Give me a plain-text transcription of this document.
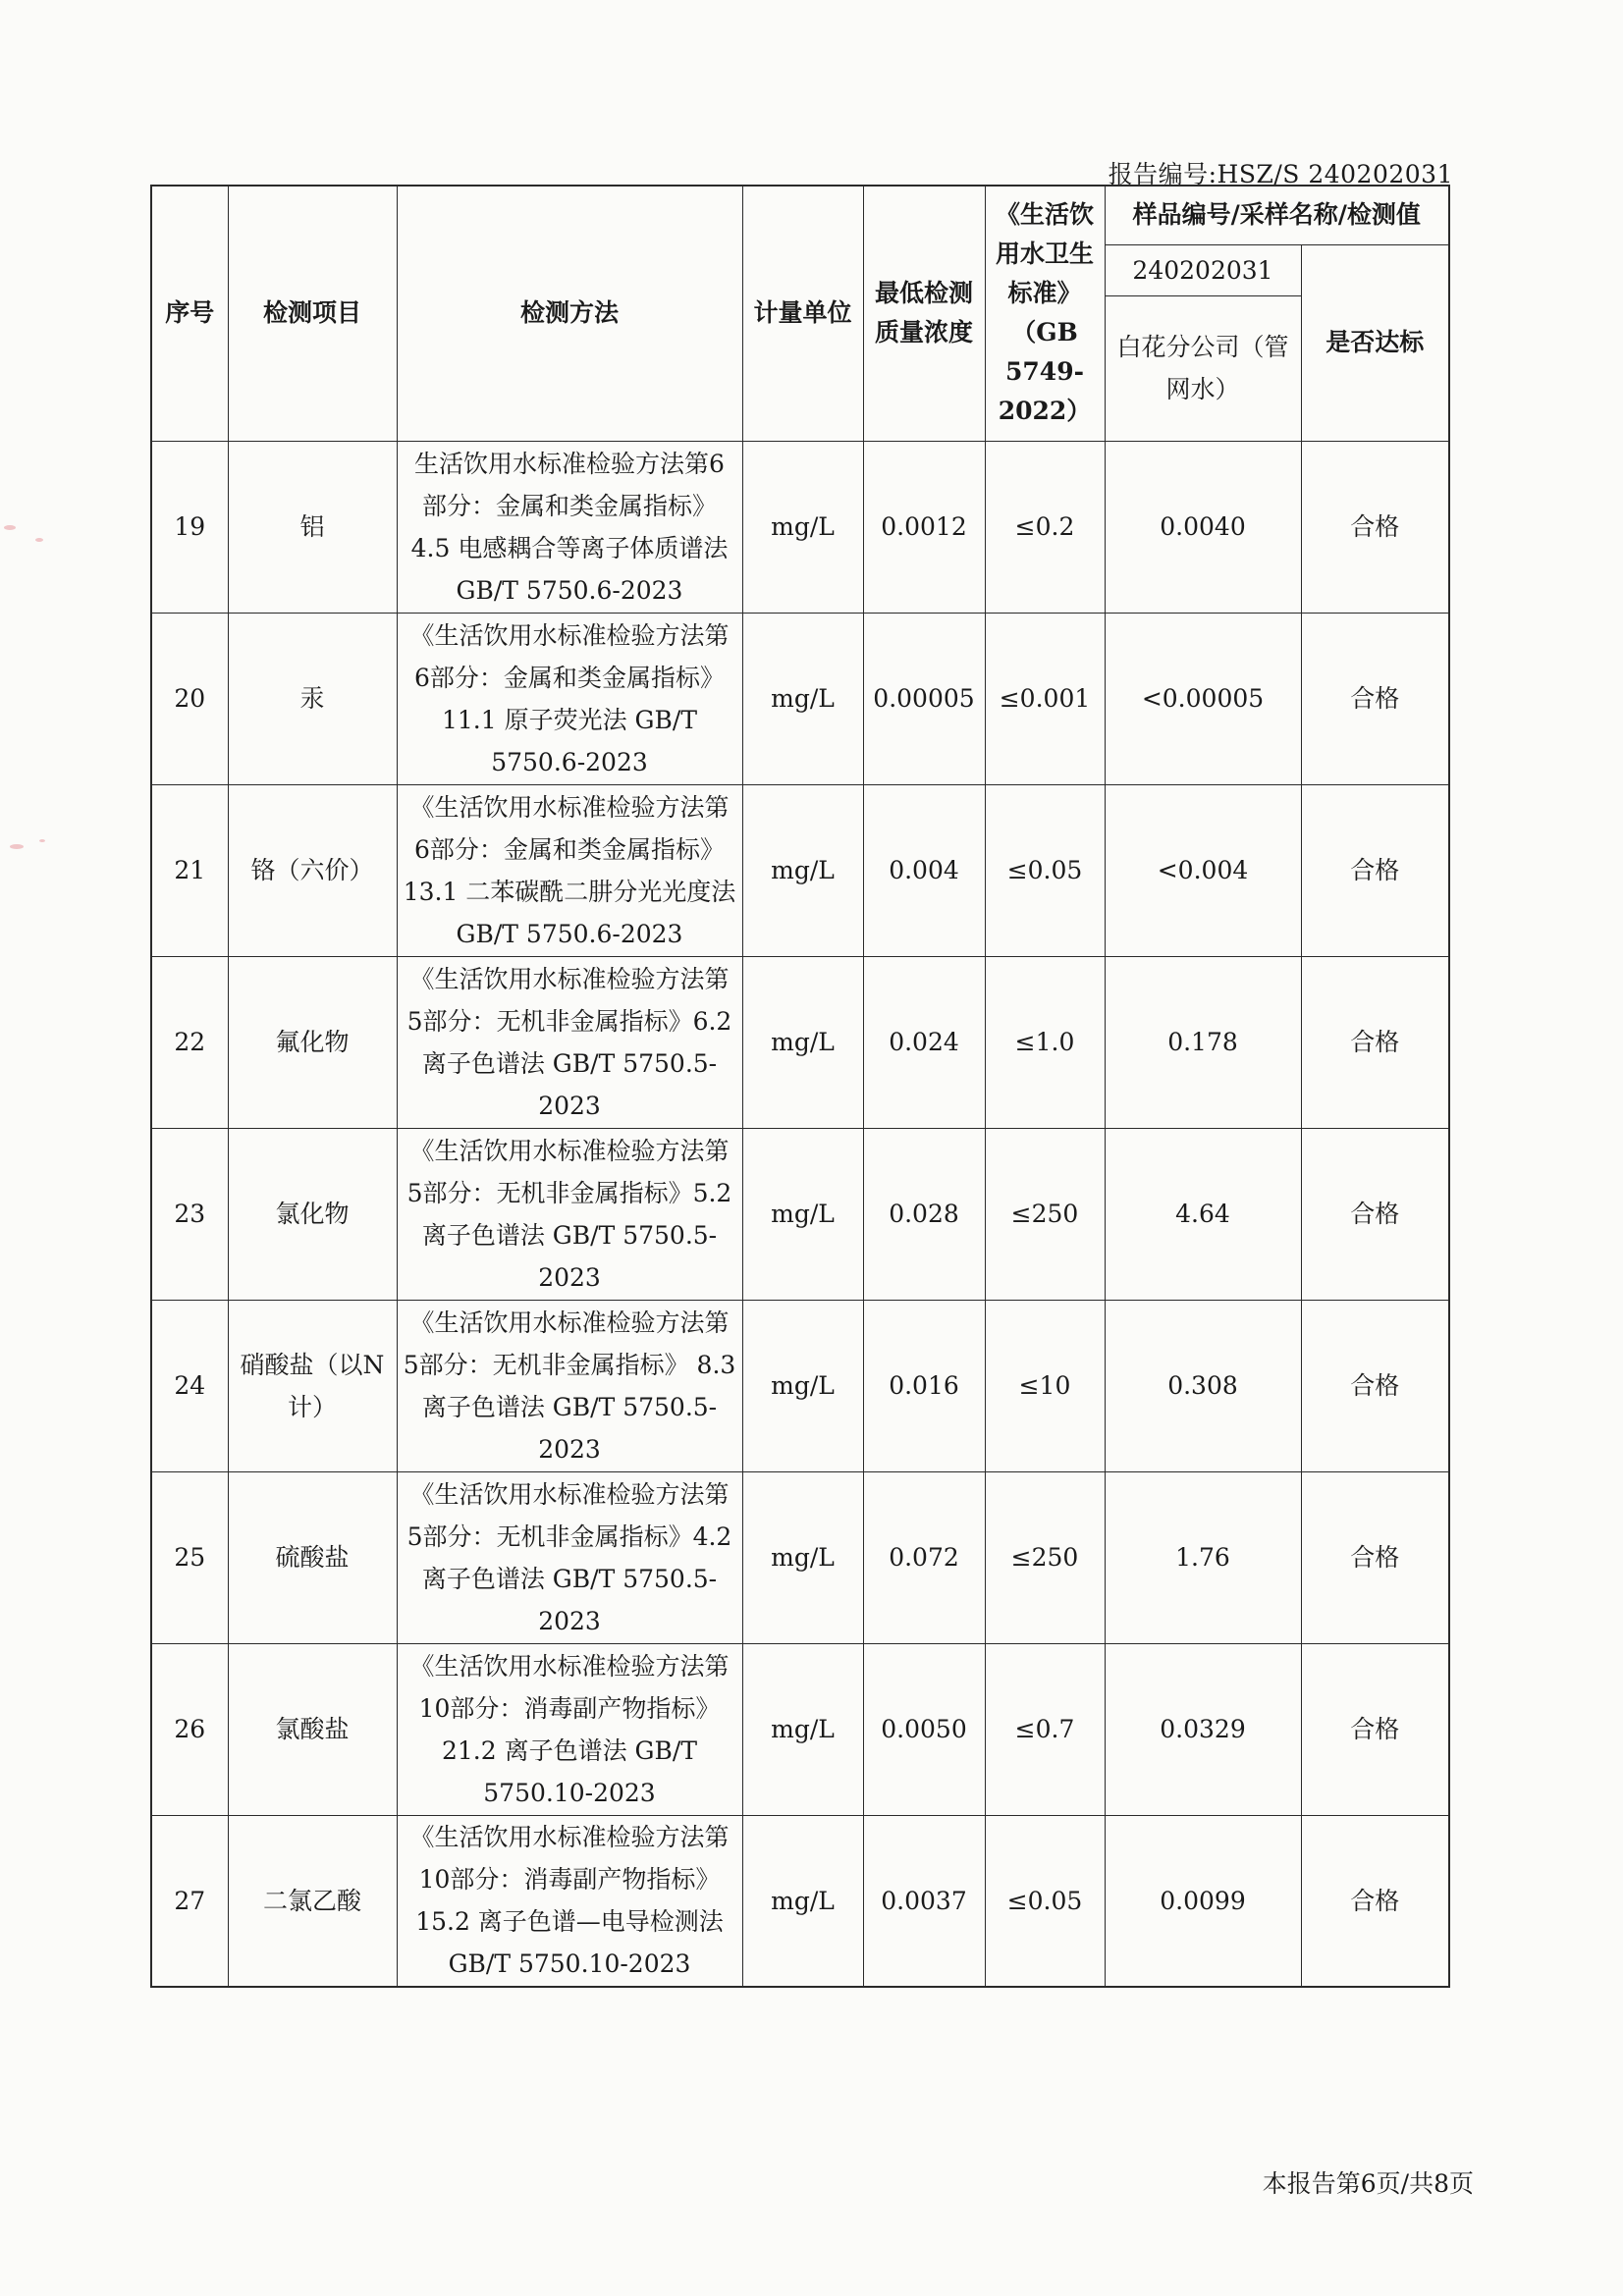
报告编号:HSZ/S 240202031
序号	检测项目	检测方法	计量单位	最低检测质量浓度	《生活饮用水卫生标准》（GB 5749-2022）	样品编号/采样名称/检测值	
						240202031	是否达标
						白花分公司（管网水）	
19	铝	生活饮用水标准检验方法第6部分：金属和类金属指标》4.5 电感耦合等离子体质谱法 GB/T 5750.6-2023	mg/L	0.0012	≤0.2	0.0040	合格
20	汞	《生活饮用水标准检验方法第6部分：金属和类金属指标》11.1 原子荧光法 GB/T 5750.6-2023	mg/L	0.00005	≤0.001	<0.00005	合格
21	铬（六价）	《生活饮用水标准检验方法第6部分：金属和类金属指标》13.1 二苯碳酰二肼分光光度法 GB/T 5750.6-2023	mg/L	0.004	≤0.05	<0.004	合格
22	氟化物	《生活饮用水标准检验方法第5部分：无机非金属指标》6.2 离子色谱法 GB/T 5750.5-2023	mg/L	0.024	≤1.0	0.178	合格
23	氯化物	《生活饮用水标准检验方法第5部分：无机非金属指标》5.2 离子色谱法 GB/T 5750.5-2023	mg/L	0.028	≤250	4.64	合格
24	硝酸盐（以N计）	《生活饮用水标准检验方法第5部分：无机非金属指标》 8.3 离子色谱法 GB/T 5750.5-2023	mg/L	0.016	≤10	0.308	合格
25	硫酸盐	《生活饮用水标准检验方法第5部分：无机非金属指标》4.2 离子色谱法 GB/T 5750.5-2023	mg/L	0.072	≤250	1.76	合格
26	氯酸盐	《生活饮用水标准检验方法第10部分：消毒副产物指标》21.2 离子色谱法 GB/T 5750.10-2023	mg/L	0.0050	≤0.7	0.0329	合格
27	二氯乙酸	《生活饮用水标准检验方法第10部分：消毒副产物指标》 15.2 离子色谱—电导检测法 GB/T 5750.10-2023	mg/L	0.0037	≤0.05	0.0099	合格
本报告第6页/共8页
